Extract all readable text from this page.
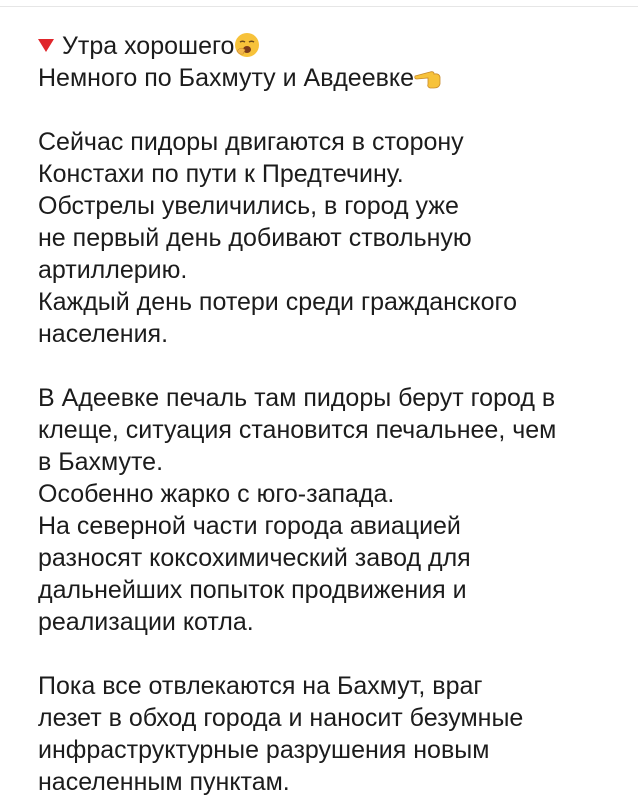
Утра хорошего
Немного по Бахмуту и Авдеевке
Сейчас пидоры двигаются в сторону
Констахи по пути к Предтечину.
Обстрелы увеличились, в город уже
не первый день добивают ствольную
артиллерию.
Каждый день потери среди гражданского
населения.
В Адеевке печаль там пидоры берут город в
клеще, ситуация становится печальнее, чем
в Бахмуте.
Особенно жарко с юго-запада.
На северной части города авиацией
разносят коксохимический завод для
дальнейших попыток продвижения и
реализации котла.
Пока все отвлекаются на Бахмут, враг
лезет в обход города и наносит безумные
инфраструктурные разрушения новым
населенным пунктам.
